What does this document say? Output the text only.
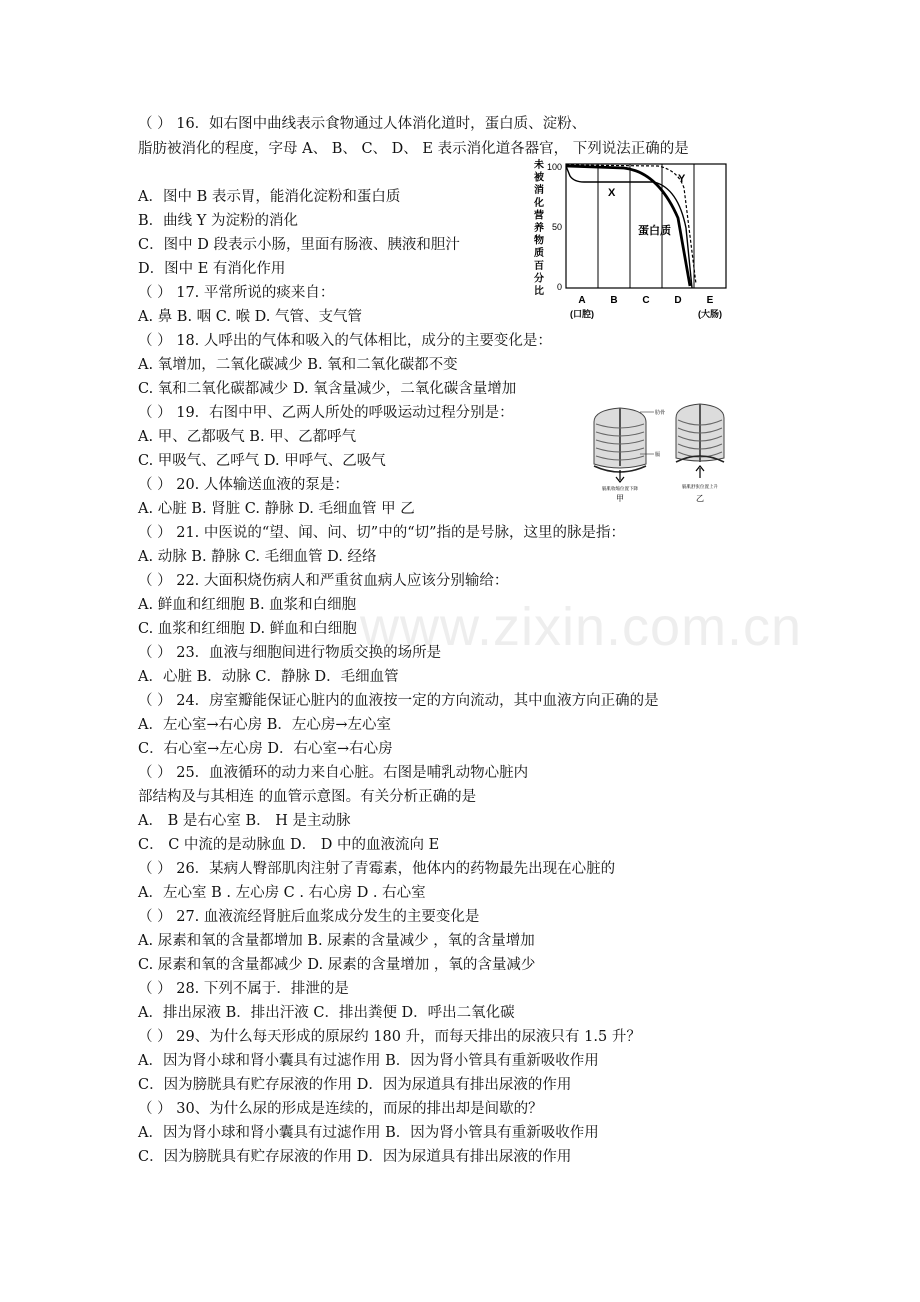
www.zixin.com.cn
（ ） 16．如右图中曲线表示食物通过人体消化道时，蛋白质、淀粉、
脂肪被消化的程度，字母 A、 B、 C、 D、 E 表示消化道各器官， 下列说法正确的是
A．图中 B 表示胃，能消化淀粉和蛋白质
B．曲线 Y 为淀粉的消化
C．图中 D 段表示小肠，里面有肠液、胰液和胆汁
D．图中 E 有消化作用
（ ） 17. 平常所说的痰来自：
A. 鼻 B. 咽 C. 喉 D. 气管、支气管
（ ） 18. 人呼出的气体和吸入的气体相比，成分的主要变化是：
A. 氧增加，二氧化碳减少 B. 氧和二氧化碳都不变
C. 氧和二氧化碳都减少 D. 氧含量减少，二氧化碳含量增加
（ ） 19．右图中甲、乙两人所处的呼吸运动过程分别是：
A. 甲、乙都吸气 B. 甲、乙都呼气
C. 甲吸气、乙呼气 D. 甲呼气、乙吸气
（ ） 20. 人体输送血液的泵是：
A. 心脏 B. 肾脏 C. 静脉 D. 毛细血管 甲 乙
（ ） 21. 中医说的“望、闻、问、切”中的“切”指的是号脉，这里的脉是指：
A. 动脉 B. 静脉 C. 毛细血管 D. 经络
（ ） 22. 大面积烧伤病人和严重贫血病人应该分别输给：
A. 鲜血和红细胞 B. 血浆和白细胞
C. 血浆和红细胞 D. 鲜血和白细胞
（ ） 23．血液与细胞间进行物质交换的场所是
A．心脏 B．动脉 C．静脉 D．毛细血管
（ ） 24．房室瓣能保证心脏内的血液按一定的方向流动，其中血液方向正确的是
A．左心室→右心房 B．左心房→左心室
C．右心室→左心房 D．右心室→右心房
（ ） 25．血液循环的动力来自心脏。右图是哺乳动物心脏内
部结构及与其相连 的血管示意图。有关分析正确的是
A． B 是右心室 B． H 是主动脉
C． C 中流的是动脉血 D． D 中的血液流向 E
（ ） 26．某病人臀部肌肉注射了青霉素，他体内的药物最先出现在心脏的
A．左心室 B . 左心房 C . 右心房 D . 右心室
（ ） 27. 血液流经肾脏后血浆成分发生的主要变化是
A. 尿素和氧的含量都增加 B. 尿素的含量减少 ，氧的含量增加
C. 尿素和氧的含量都减少 D. 尿素的含量增加 ，氧的含量减少
（ ） 28. 下列不属于．排泄的是
A．排出尿液 B．排出汗液 C．排出粪便 D．呼出二氧化碳
（ ） 29、为什么每天形成的原尿约 180 升，而每天排出的尿液只有 1.5 升？
A．因为肾小球和肾小囊具有过滤作用 B．因为肾小管具有重新吸收作用
C．因为膀胱具有贮存尿液的作用 D．因为尿道具有排出尿液的作用
（ ） 30、为什么尿的形成是连续的，而尿的排出却是间歇的？
A．因为肾小球和肾小囊具有过滤作用 B．因为肾小管具有重新吸收作用
C．因为膀胱具有贮存尿液的作用 D．因为尿道具有排出尿液的作用
未
被
消
化
营
养
物
质
百
分
比
100
50
0
X
Y
蛋白质
A B C D	E
(口腔)	(大肠)
肋骨
膈
膈肌收缩位置下降
甲
膈肌舒张位置上升
乙
